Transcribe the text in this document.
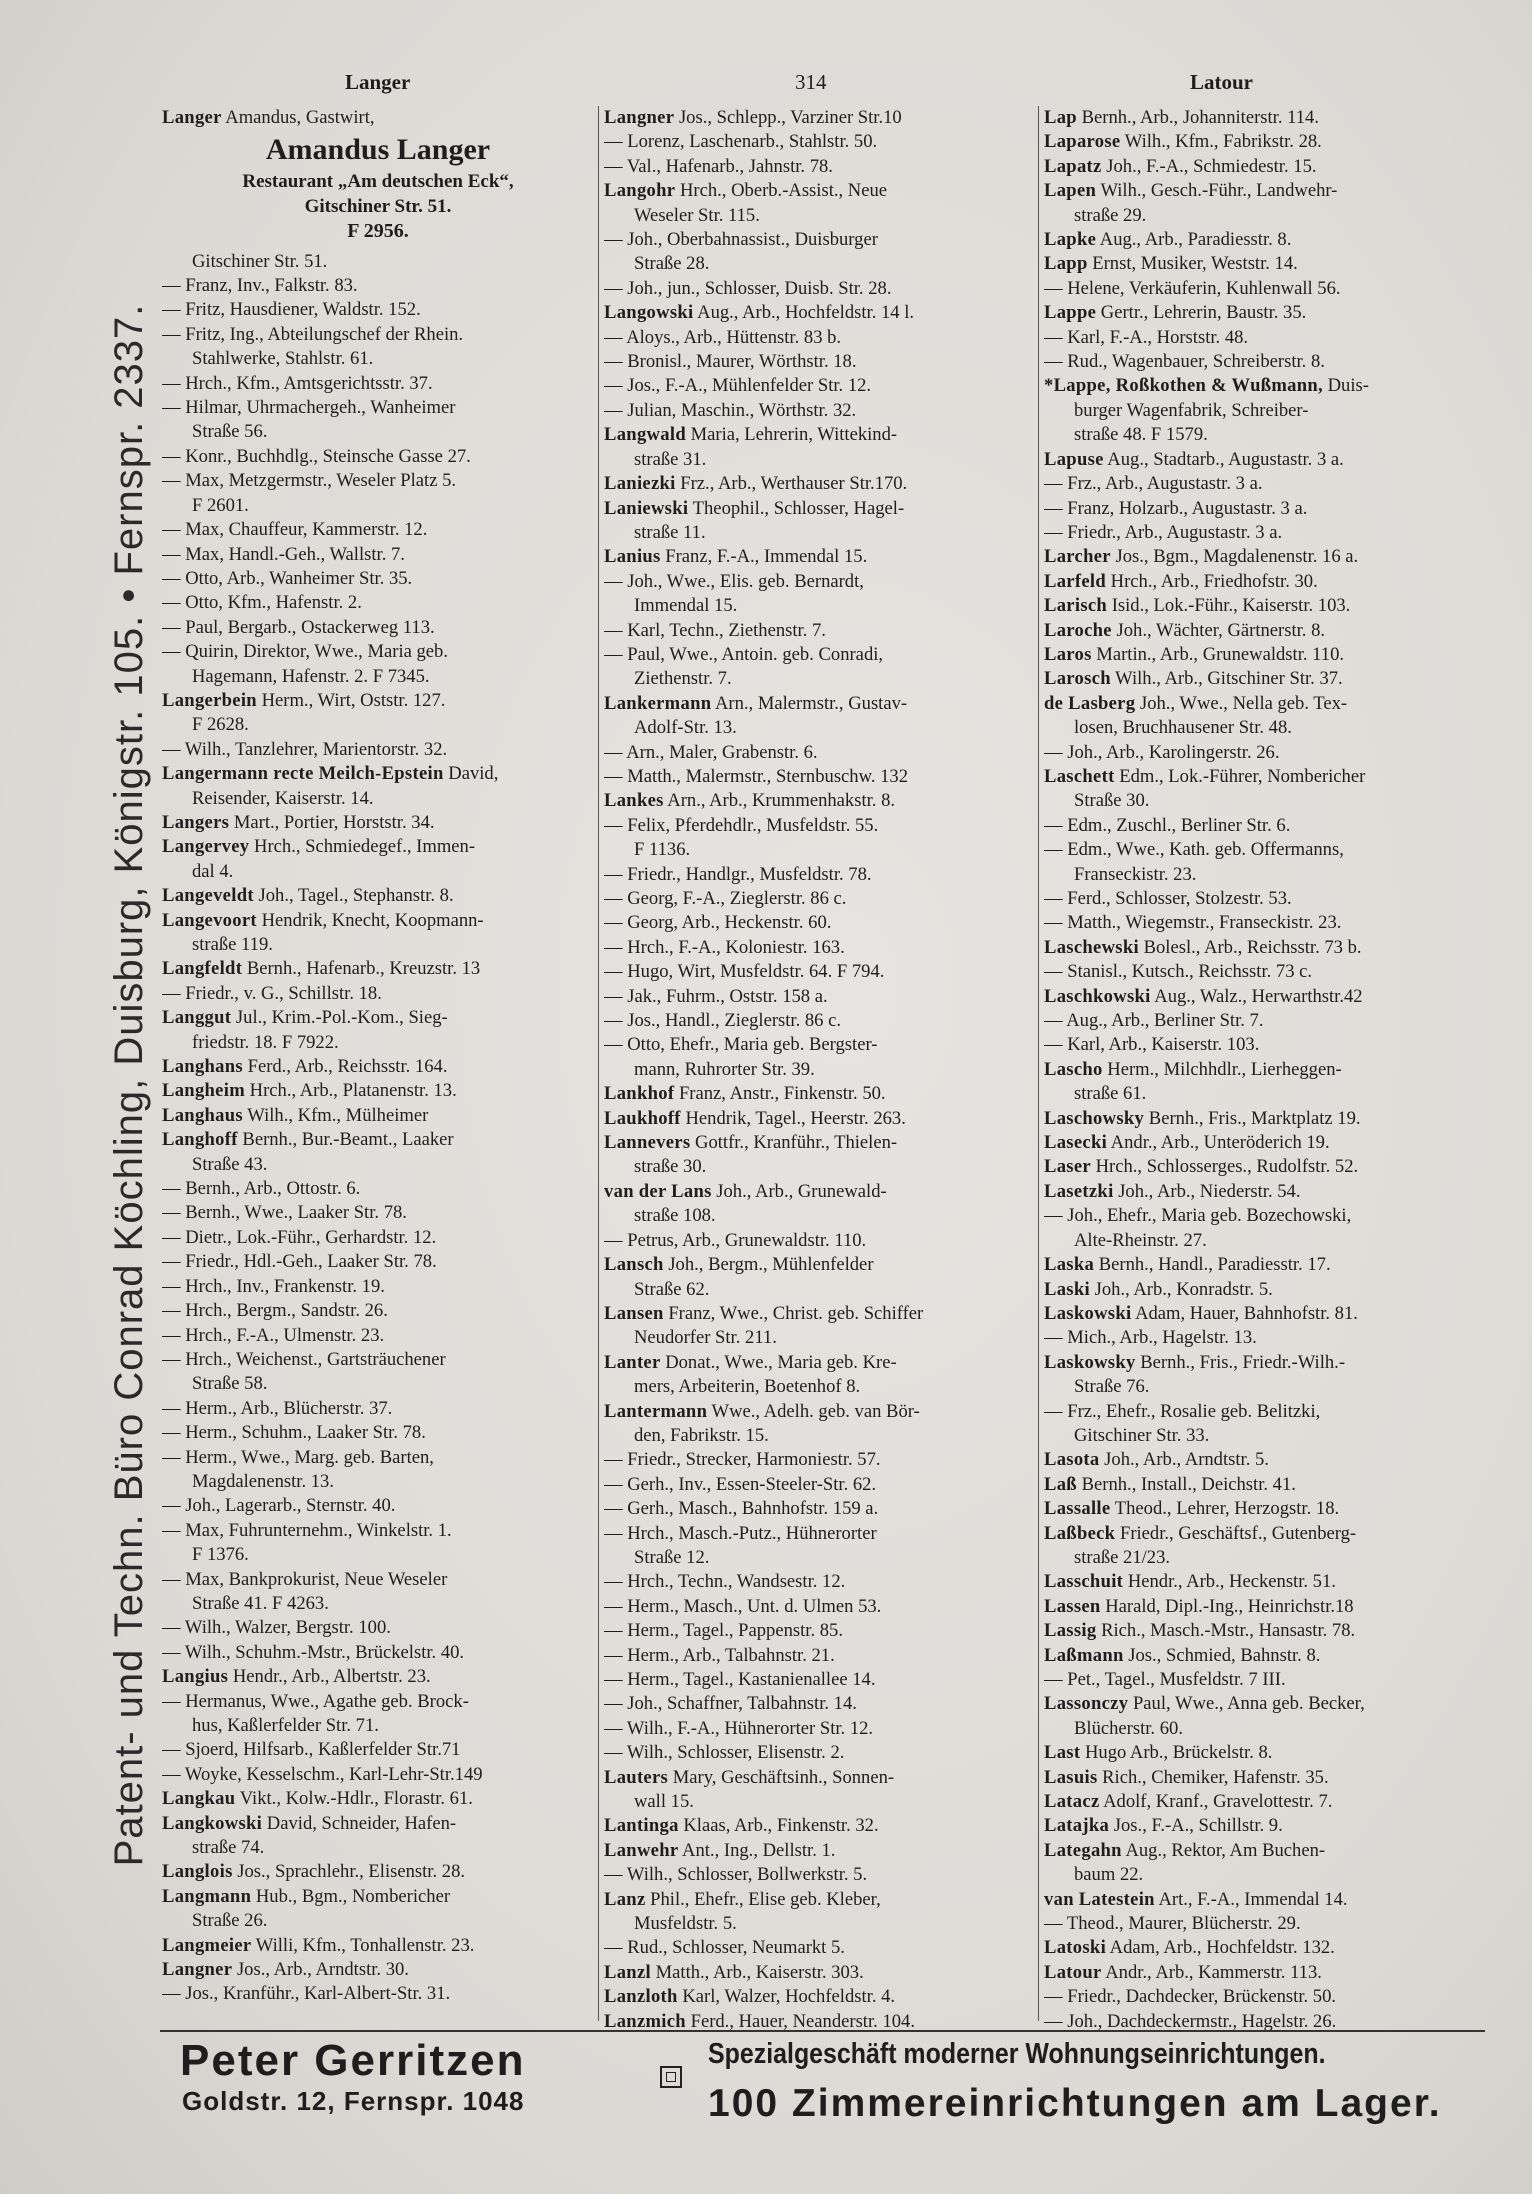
Langer	314	Latour
Patent- und Techn. Büro Conrad Köchling, Duisburg, Königstr. 105. • Fernspr. 2337.
Langer Amandus, Gastwirt,
Amandus Langer
Restaurant „Am deutschen Eck“,
Gitschiner Str. 51.
F 2956.
Gitschiner Str. 51.
— Franz, Inv., Falkstr. 83.
— Fritz, Hausdiener, Waldstr. 152.
— Fritz, Ing., Abteilungschef der Rhein.
Stahlwerke, Stahlstr. 61.
— Hrch., Kfm., Amtsgerichtsstr. 37.
— Hilmar, Uhrmachergeh., Wanheimer
Straße 56.
— Konr., Buchhdlg., Steinsche Gasse 27.
— Max, Metzgermstr., Weseler Platz 5.
F 2601.
— Max, Chauffeur, Kammerstr. 12.
— Max, Handl.-Geh., Wallstr. 7.
— Otto, Arb., Wanheimer Str. 35.
— Otto, Kfm., Hafenstr. 2.
— Paul, Bergarb., Ostackerweg 113.
— Quirin, Direktor, Wwe., Maria geb.
Hagemann, Hafenstr. 2. F 7345.
Langerbein Herm., Wirt, Oststr. 127.
F 2628.
— Wilh., Tanzlehrer, Marientorstr. 32.
Langermann recte Meilch-Epstein David,
Reisender, Kaiserstr. 14.
Langers Mart., Portier, Horststr. 34.
Langervey Hrch., Schmiedegef., Immen-
dal 4.
Langeveldt Joh., Tagel., Stephanstr. 8.
Langevoort Hendrik, Knecht, Koopmann-
straße 119.
Langfeldt Bernh., Hafenarb., Kreuzstr. 13
— Friedr., v. G., Schillstr. 18.
Langgut Jul., Krim.-Pol.-Kom., Sieg-
friedstr. 18. F 7922.
Langhans Ferd., Arb., Reichsstr. 164.
Langheim Hrch., Arb., Platanenstr. 13.
Langhaus Wilh., Kfm., Mülheimer
Langhoff Bernh., Bur.-Beamt., Laaker
Straße 43.
— Bernh., Arb., Ottostr. 6.
— Bernh., Wwe., Laaker Str. 78.
— Dietr., Lok.-Führ., Gerhardstr. 12.
— Friedr., Hdl.-Geh., Laaker Str. 78.
— Hrch., Inv., Frankenstr. 19.
— Hrch., Bergm., Sandstr. 26.
— Hrch., F.-A., Ulmenstr. 23.
— Hrch., Weichenst., Gartsträuchener
Straße 58.
— Herm., Arb., Blücherstr. 37.
— Herm., Schuhm., Laaker Str. 78.
— Herm., Wwe., Marg. geb. Barten,
Magdalenenstr. 13.
— Joh., Lagerarb., Sternstr. 40.
— Max, Fuhrunternehm., Winkelstr. 1.
F 1376.
— Max, Bankprokurist, Neue Weseler
Straße 41. F 4263.
— Wilh., Walzer, Bergstr. 100.
— Wilh., Schuhm.-Mstr., Brückelstr. 40.
Langius Hendr., Arb., Albertstr. 23.
— Hermanus, Wwe., Agathe geb. Brock-
hus, Kaßlerfelder Str. 71.
— Sjoerd, Hilfsarb., Kaßlerfelder Str.71
— Woyke, Kesselschm., Karl-Lehr-Str.149
Langkau Vikt., Kolw.-Hdlr., Florastr. 61.
Langkowski David, Schneider, Hafen-
straße 74.
Langlois Jos., Sprachlehr., Elisenstr. 28.
Langmann Hub., Bgm., Nombericher
Straße 26.
Langmeier Willi, Kfm., Tonhallenstr. 23.
Langner Jos., Arb., Arndtstr. 30.
— Jos., Kranführ., Karl-Albert-Str. 31.
Langner Jos., Schlepp., Varziner Str.10
— Lorenz, Laschenarb., Stahlstr. 50.
— Val., Hafenarb., Jahnstr. 78.
Langohr Hrch., Oberb.-Assist., Neue
Weseler Str. 115.
— Joh., Oberbahnassist., Duisburger
Straße 28.
— Joh., jun., Schlosser, Duisb. Str. 28.
Langowski Aug., Arb., Hochfeldstr. 14 l.
— Aloys., Arb., Hüttenstr. 83 b.
— Bronisl., Maurer, Wörthstr. 18.
— Jos., F.-A., Mühlenfelder Str. 12.
— Julian, Maschin., Wörthstr. 32.
Langwald Maria, Lehrerin, Wittekind-
straße 31.
Laniezki Frz., Arb., Werthauser Str.170.
Laniewski Theophil., Schlosser, Hagel-
straße 11.
Lanius Franz, F.-A., Immendal 15.
— Joh., Wwe., Elis. geb. Bernardt,
Immendal 15.
— Karl, Techn., Ziethenstr. 7.
— Paul, Wwe., Antoin. geb. Conradi,
Ziethenstr. 7.
Lankermann Arn., Malermstr., Gustav-
Adolf-Str. 13.
— Arn., Maler, Grabenstr. 6.
— Matth., Malermstr., Sternbuschw. 132
Lankes Arn., Arb., Krummenhakstr. 8.
— Felix, Pferdehdlr., Musfeldstr. 55.
F 1136.
— Friedr., Handlgr., Musfeldstr. 78.
— Georg, F.-A., Zieglerstr. 86 c.
— Georg, Arb., Heckenstr. 60.
— Hrch., F.-A., Koloniestr. 163.
— Hugo, Wirt, Musfeldstr. 64. F 794.
— Jak., Fuhrm., Oststr. 158 a.
— Jos., Handl., Zieglerstr. 86 c.
— Otto, Ehefr., Maria geb. Bergster-
mann, Ruhrorter Str. 39.
Lankhof Franz, Anstr., Finkenstr. 50.
Laukhoff Hendrik, Tagel., Heerstr. 263.
Lannevers Gottfr., Kranführ., Thielen-
straße 30.
van der Lans Joh., Arb., Grunewald-
straße 108.
— Petrus, Arb., Grunewaldstr. 110.
Lansch Joh., Bergm., Mühlenfelder
Straße 62.
Lansen Franz, Wwe., Christ. geb. Schiffer
Neudorfer Str. 211.
Lanter Donat., Wwe., Maria geb. Kre-
mers, Arbeiterin, Boetenhof 8.
Lantermann Wwe., Adelh. geb. van Bör-
den, Fabrikstr. 15.
— Friedr., Strecker, Harmoniestr. 57.
— Gerh., Inv., Essen-Steeler-Str. 62.
— Gerh., Masch., Bahnhofstr. 159 a.
— Hrch., Masch.-Putz., Hühnerorter
Straße 12.
— Hrch., Techn., Wandsestr. 12.
— Herm., Masch., Unt. d. Ulmen 53.
— Herm., Tagel., Pappenstr. 85.
— Herm., Arb., Talbahnstr. 21.
— Herm., Tagel., Kastanienallee 14.
— Joh., Schaffner, Talbahnstr. 14.
— Wilh., F.-A., Hühnerorter Str. 12.
— Wilh., Schlosser, Elisenstr. 2.
Lauters Mary, Geschäftsinh., Sonnen-
wall 15.
Lantinga Klaas, Arb., Finkenstr. 32.
Lanwehr Ant., Ing., Dellstr. 1.
— Wilh., Schlosser, Bollwerkstr. 5.
Lanz Phil., Ehefr., Elise geb. Kleber,
Musfeldstr. 5.
— Rud., Schlosser, Neumarkt 5.
Lanzl Matth., Arb., Kaiserstr. 303.
Lanzloth Karl, Walzer, Hochfeldstr. 4.
Lanzmich Ferd., Hauer, Neanderstr. 104.
Lap Bernh., Arb., Johanniterstr. 114.
Laparose Wilh., Kfm., Fabrikstr. 28.
Lapatz Joh., F.-A., Schmiedestr. 15.
Lapen Wilh., Gesch.-Führ., Landwehr-
straße 29.
Lapke Aug., Arb., Paradiesstr. 8.
Lapp Ernst, Musiker, Weststr. 14.
— Helene, Verkäuferin, Kuhlenwall 56.
Lappe Gertr., Lehrerin, Baustr. 35.
— Karl, F.-A., Horststr. 48.
— Rud., Wagenbauer, Schreiberstr. 8.
*Lappe, Roßkothen & Wußmann, Duis-
burger Wagenfabrik, Schreiber-
straße 48. F 1579.
Lapuse Aug., Stadtarb., Augustastr. 3 a.
— Frz., Arb., Augustastr. 3 a.
— Franz, Holzarb., Augustastr. 3 a.
— Friedr., Arb., Augustastr. 3 a.
Larcher Jos., Bgm., Magdalenenstr. 16 a.
Larfeld Hrch., Arb., Friedhofstr. 30.
Larisch Isid., Lok.-Führ., Kaiserstr. 103.
Laroche Joh., Wächter, Gärtnerstr. 8.
Laros Martin., Arb., Grunewaldstr. 110.
Larosch Wilh., Arb., Gitschiner Str. 37.
de Lasberg Joh., Wwe., Nella geb. Tex-
losen, Bruchhausener Str. 48.
— Joh., Arb., Karolingerstr. 26.
Laschett Edm., Lok.-Führer, Nombericher
Straße 30.
— Edm., Zuschl., Berliner Str. 6.
— Edm., Wwe., Kath. geb. Offermanns,
Franseckistr. 23.
— Ferd., Schlosser, Stolzestr. 53.
— Matth., Wiegemstr., Franseckistr. 23.
Laschewski Bolesl., Arb., Reichsstr. 73 b.
— Stanisl., Kutsch., Reichsstr. 73 c.
Laschkowski Aug., Walz., Herwarthstr.42
— Aug., Arb., Berliner Str. 7.
— Karl, Arb., Kaiserstr. 103.
Lascho Herm., Milchhdlr., Lierheggen-
straße 61.
Laschowsky Bernh., Fris., Marktplatz 19.
Lasecki Andr., Arb., Unteröderich 19.
Laser Hrch., Schlosserges., Rudolfstr. 52.
Lasetzki Joh., Arb., Niederstr. 54.
— Joh., Ehefr., Maria geb. Bozechowski,
Alte-Rheinstr. 27.
Laska Bernh., Handl., Paradiesstr. 17.
Laski Joh., Arb., Konradstr. 5.
Laskowski Adam, Hauer, Bahnhofstr. 81.
— Mich., Arb., Hagelstr. 13.
Laskowsky Bernh., Fris., Friedr.-Wilh.-
Straße 76.
— Frz., Ehefr., Rosalie geb. Belitzki,
Gitschiner Str. 33.
Lasota Joh., Arb., Arndtstr. 5.
Laß Bernh., Install., Deichstr. 41.
Lassalle Theod., Lehrer, Herzogstr. 18.
Laßbeck Friedr., Geschäftsf., Gutenberg-
straße 21/23.
Lasschuit Hendr., Arb., Heckenstr. 51.
Lassen Harald, Dipl.-Ing., Heinrichstr.18
Lassig Rich., Masch.-Mstr., Hansastr. 78.
Laßmann Jos., Schmied, Bahnstr. 8.
— Pet., Tagel., Musfeldstr. 7 III.
Lassonczy Paul, Wwe., Anna geb. Becker,
Blücherstr. 60.
Last Hugo Arb., Brückelstr. 8.
Lasuis Rich., Chemiker, Hafenstr. 35.
Latacz Adolf, Kranf., Gravelottestr. 7.
Latajka Jos., F.-A., Schillstr. 9.
Lategahn Aug., Rektor, Am Buchen-
baum 22.
van Latestein Art., F.-A., Immendal 14.
— Theod., Maurer, Blücherstr. 29.
Latoski Adam, Arb., Hochfeldstr. 132.
Latour Andr., Arb., Kammerstr. 113.
— Friedr., Dachdecker, Brückenstr. 50.
— Joh., Dachdeckermstr., Hagelstr. 26.
Peter Gerritzen
Goldstr. 12, Fernspr. 1048
Spezialgeschäft moderner Wohnungseinrichtungen.
100 Zimmereinrichtungen am Lager.
